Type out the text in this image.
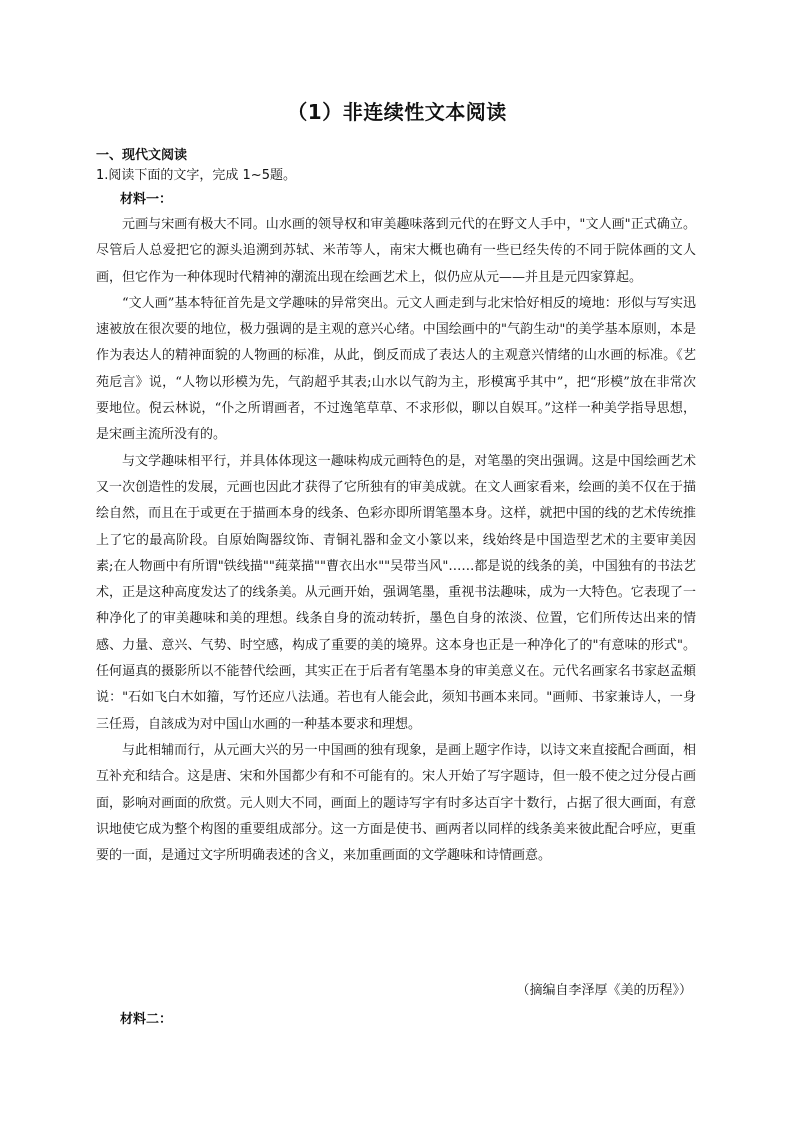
（1）非连续性文本阅读
一、现代文阅读
1.阅读下面的文字，完成 1~5题。
材料一：

元画与宋画有极大不同。山水画的领导权和审美趣味落到元代的在野文人手中，"文人画"正式确立。尽管后人总爱把它的源头追溯到苏轼、米芾等人，南宋大概也确有一些已经失传的不同于院体画的文人画，但它作为一种体现时代精神的潮流出现在绘画艺术上，似仍应从元——并且是元四家算起。

“文人画”基本特征首先是文学趣味的异常突出。元文人画走到与北宋恰好相反的境地：形似与写实迅速被放在很次要的地位，极力强调的是主观的意兴心绪。中国绘画中的"气韵生动"的美学基本原则，本是作为表达人的精神面貌的人物画的标准，从此，倒反而成了表达人的主观意兴情绪的山水画的标准。《艺苑卮言》说，“人物以形模为先，气韵超乎其表;山水以气韵为主，形模寓乎其中”，把“形模”放在非常次要地位。倪云林说，“仆之所谓画者，不过逸笔草草、不求形似，聊以自娱耳。”这样一种美学指导思想，是宋画主流所没有的。

与文学趣味相平行，并具体体现这一趣味构成元画特色的是，对笔墨的突出强调。这是中国绘画艺术又一次创造性的发展，元画也因此才获得了它所独有的审美成就。在文人画家看来，绘画的美不仅在于描绘自然，而且在于或更在于描画本身的线条、色彩亦即所谓笔墨本身。这样，就把中国的线的艺术传统推上了它的最高阶段。自原始陶器纹饰、青铜礼器和金文小篆以来，线始终是中国造型艺术的主要审美因素;在人物画中有所谓"铁线描""莼菜描""曹衣出水""吴带当风"……都是说的线条的美，中国独有的书法艺术，正是这种高度发达了的线条美。从元画开始，强调笔墨，重视书法趣味，成为一大特色。它表现了一种净化了的审美趣味和美的理想。线条自身的流动转折，墨色自身的浓淡、位置，它们所传达出来的情感、力量、意兴、气势、时空感，构成了重要的美的境界。这本身也正是一种净化了的"有意味的形式"。任何逼真的摄影所以不能替代绘画，其实正在于后者有笔墨本身的审美意义在。元代名画家名书家赵孟頫说："石如飞白木如籀，写竹还应八法通。若也有人能会此，须知书画本来同。"画师、书家兼诗人，一身三任焉，自該成为对中国山水画的一种基本要求和理想。

与此相辅而行，从元画大兴的另一中国画的独有现象，是画上题字作诗，以诗文来直接配合画面，相互补充和结合。这是唐、宋和外国都少有和不可能有的。宋人开始了写字题诗，但一般不使之过分侵占画面，影响对画面的欣赏。元人则大不同，画面上的题诗写字有时多达百字十数行，占据了很大画面，有意识地使它成为整个构图的重要组成部分。这一方面是使书、画两者以同样的线条美来彼此配合呼应，更重要的一面，是通过文字所明确表述的含义，来加重画面的文学趣味和诗情画意。

（摘编自李泽厚《美的历程》）
材料二：
